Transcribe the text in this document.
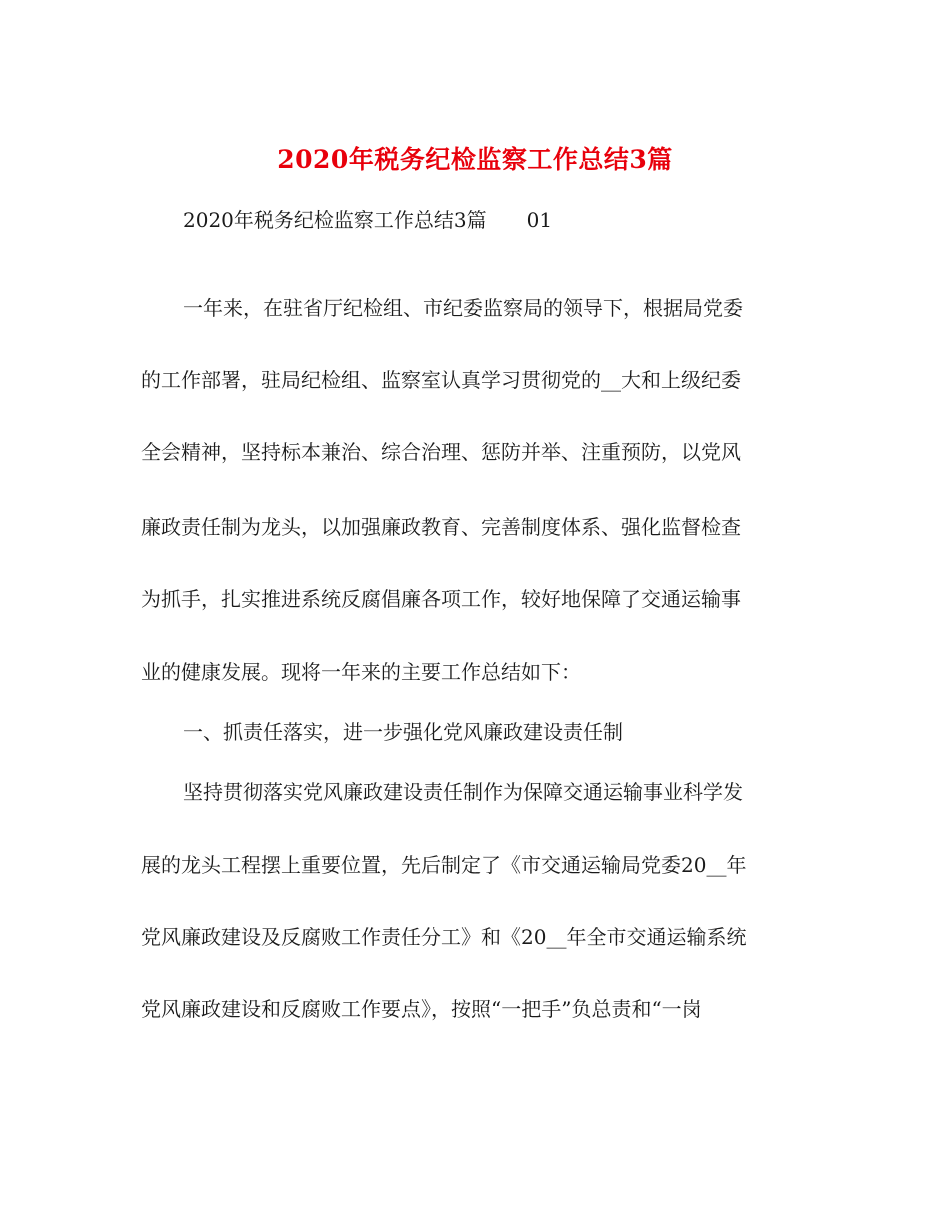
2020年税务纪检监察工作总结3篇
2020年税务纪检监察工作总结3篇　　01
一年来，在驻省厅纪检组、市纪委监察局的领导下，根据局党委
的工作部署，驻局纪检组、监察室认真学习贯彻党的__大和上级纪委
全会精神，坚持标本兼治、综合治理、惩防并举、注重预防，以党风
廉政责任制为龙头，以加强廉政教育、完善制度体系、强化监督检查
为抓手，扎实推进系统反腐倡廉各项工作，较好地保障了交通运输事
业的健康发展。现将一年来的主要工作总结如下：
一、抓责任落实，进一步强化党风廉政建设责任制
坚持贯彻落实党风廉政建设责任制作为保障交通运输事业科学发
展的龙头工程摆上重要位置，先后制定了《市交通运输局党委20__年
党风廉政建设及反腐败工作责任分工》和《20__年全市交通运输系统
党风廉政建设和反腐败工作要点》，按照“一把手”负总责和“一岗
